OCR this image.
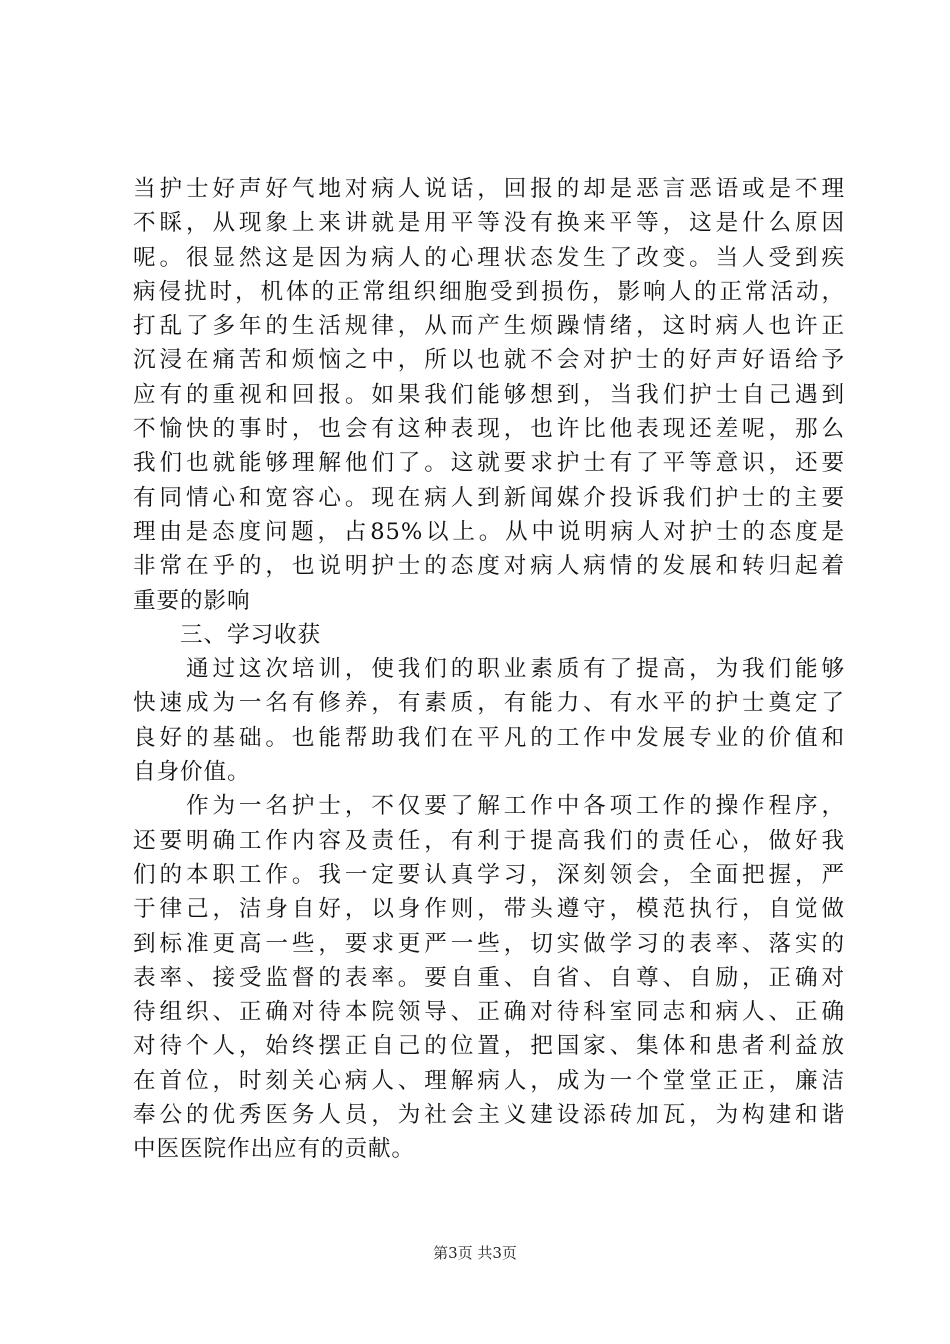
当护士好声好气地对病人说话，回报的却是恶言恶语或是不理
不睬，从现象上来讲就是用平等没有换来平等，这是什么原因
呢。很显然这是因为病人的心理状态发生了改变。当人受到疾
病侵扰时，机体的正常组织细胞受到损伤，影响人的正常活动，
打乱了多年的生活规律，从而产生烦躁情绪，这时病人也许正
沉浸在痛苦和烦恼之中，所以也就不会对护士的好声好语给予
应有的重视和回报。如果我们能够想到，当我们护士自己遇到
不愉快的事时，也会有这种表现，也许比他表现还差呢，那么
我们也就能够理解他们了。这就要求护士有了平等意识，还要
有同情心和宽容心。现在病人到新闻媒介投诉我们护士的主要
理由是态度问题，占85%以上。从中说明病人对护士的态度是
非常在乎的，也说明护士的态度对病人病情的发展和转归起着
重要的影响
　　三、学习收获
　　通过这次培训，使我们的职业素质有了提高，为我们能够
快速成为一名有修养，有素质，有能力、有水平的护士奠定了
良好的基础。也能帮助我们在平凡的工作中发展专业的价值和
自身价值。
　　作为一名护士，不仅要了解工作中各项工作的操作程序，
还要明确工作内容及责任，有利于提高我们的责任心，做好我
们的本职工作。我一定要认真学习，深刻领会，全面把握，严
于律己，洁身自好，以身作则，带头遵守，模范执行，自觉做
到标准更高一些，要求更严一些，切实做学习的表率、落实的
表率、接受监督的表率。要自重、自省、自尊、自励，正确对
待组织、正确对待本院领导、正确对待科室同志和病人、正确
对待个人，始终摆正自己的位置，把国家、集体和患者利益放
在首位，时刻关心病人、理解病人，成为一个堂堂正正，廉洁
奉公的优秀医务人员，为社会主义建设添砖加瓦，为构建和谐
中医医院作出应有的贡献。
第3页 共3页
